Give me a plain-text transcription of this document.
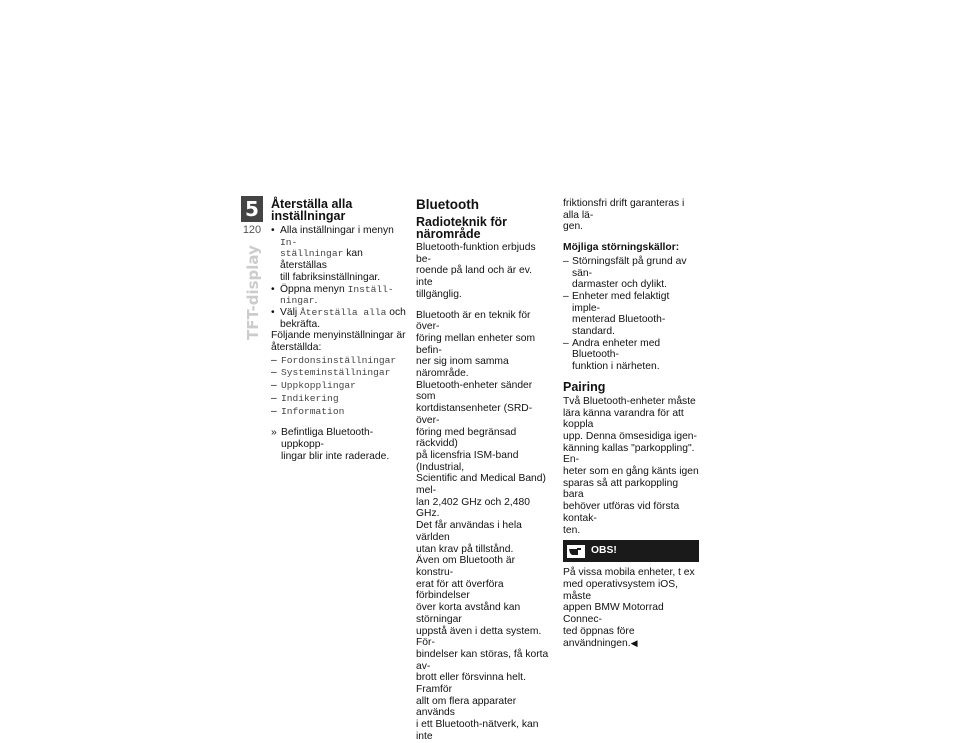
5
120
TFT-display
Återställa alla
inställningar
• Alla inställningar i menyn In-
ställningar kan återställas
till fabriksinställningar.
• Öppna menyn Inställ-
ningar.
• Välj Återställa alla och
bekräfta.

Följande menyinställningar är
återställda:

– Fordonsinställningar
– Systeminställningar
– Uppkopplingar
– Indikering
– Information
» Befintliga Bluetooth-uppkopp-
lingar blir inte raderade.
Bluetooth
Radioteknik för
närområde

Bluetooth-funktion erbjuds be-
roende på land och är ev. inte
tillgänglig.

Bluetooth är en teknik för över-
föring mellan enheter som befin-
ner sig inom samma närområde.
Bluetooth-enheter sänder som
kortdistansenheter (SRD-över-
föring med begränsad räckvidd)
på licensfria ISM-band (Industrial,
Scientific and Medical Band) mel-
lan 2,402 GHz och 2,480 GHz.
Det får användas i hela världen
utan krav på tillstånd.
Även om Bluetooth är konstru-
erat för att överföra förbindelser
över korta avstånd kan störningar
uppstå även i detta system. För-
bindelser kan störas, få korta av-
brott eller försvinna helt. Framför
allt om flera apparater används
i ett Bluetooth-nätverk, kan inte

friktionsfri drift garanteras i alla lä-
gen.

Möjliga störningskällor:
– Störningsfält på grund av sän-
darmaster och dylikt.
– Enheter med felaktigt imple-
menterad Bluetooth-standard.
– Andra enheter med Bluetooth-
funktion i närheten.
Pairing

Två Bluetooth-enheter måste
lära känna varandra för att koppla
upp. Denna ömsesidiga igen-
känning kallas "parkoppling". En-
heter som en gång känts igen
sparas så att parkoppling bara
behöver utföras vid första kontak-
ten.

OBS!

På vissa mobila enheter, t ex
med operativsystem iOS, måste
appen BMW Motorrad Connec-
ted öppnas före användningen.◀
